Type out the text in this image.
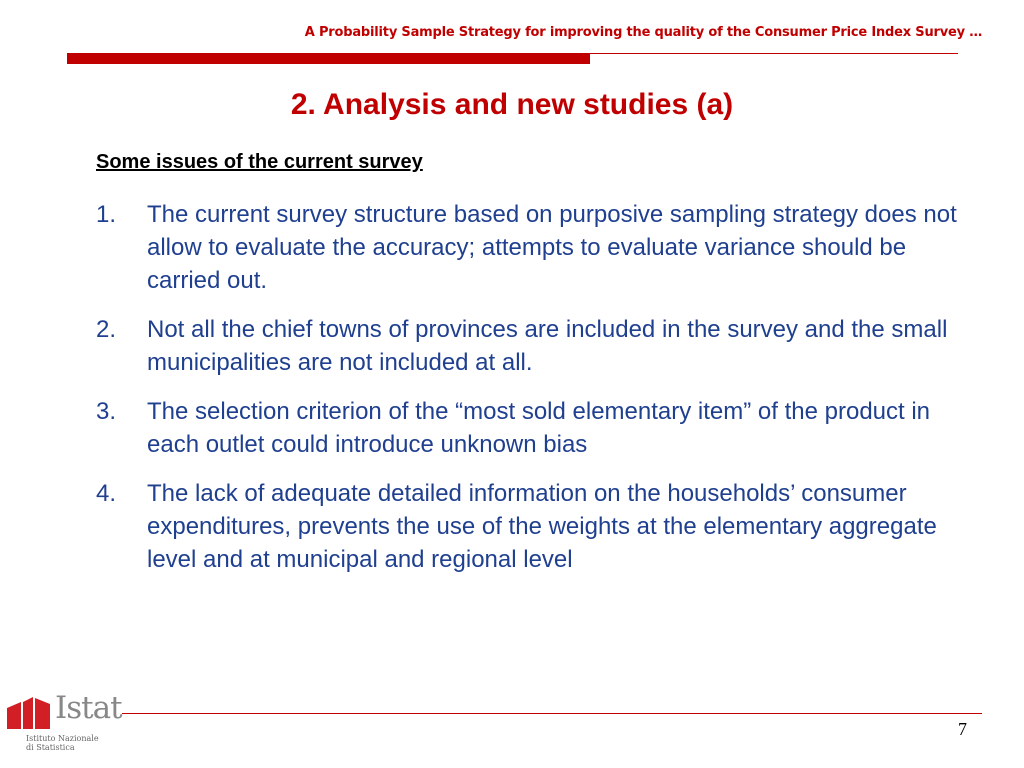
A Probability Sample Strategy for improving the quality of the Consumer Price Index Survey …
2. Analysis and new studies (a)
Some issues of the current survey
1. The current survey structure based on purposive sampling strategy does not allow to evaluate the accuracy; attempts to evaluate variance should be carried out.
2. Not all the chief towns of provinces are included in the survey and the small municipalities are not included at all.
3. The selection criterion of the “most sold elementary item” of the product in each outlet could introduce unknown bias
4. The lack of adequate detailed information on the households’ consumer expenditures, prevents the use of the weights at the elementary aggregate level and at municipal and regional level
Istat
Istituto Nazionale
di Statistica
7
